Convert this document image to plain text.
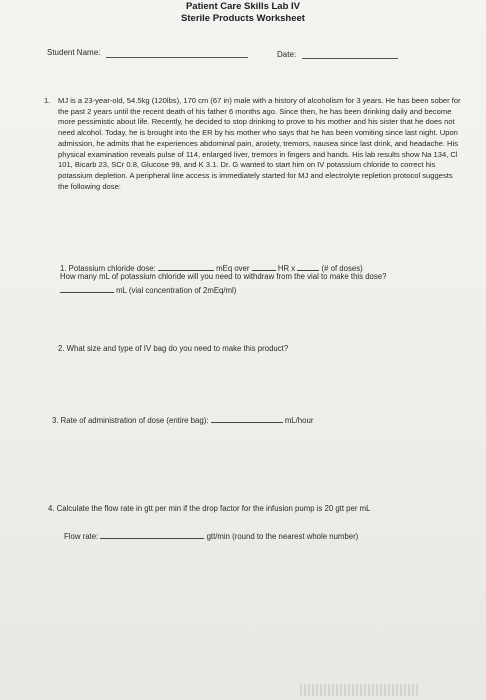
Patient Care Skills Lab IV
Sterile Products Worksheet
Student Name:	Date:
1. MJ is a 23-year-old, 54.5kg (120lbs), 170 cm (67 in) male with a history of alcoholism for 3 years. He has been sober for the past 2 years until the recent death of his father 6 months ago. Since then, he has been drinking daily and become more pessimistic about life. Recently, he decided to stop drinking to prove to his mother and his sister that he does not need alcohol. Today, he is brought into the ER by his mother who says that he has been vomiting since last night. Upon admission, he admits that he experiences abdominal pain, anxiety, tremors, nausea since last drink, and headache. His physical examination reveals pulse of 114, enlarged liver, tremors in fingers and hands. His lab results show Na 134, Cl 101, Bicarb 23, SCr 0.8, Glucose 99, and K 3.1. Dr. G wanted to start him on IV potassium chloride to correct his potassium depletion. A peripheral line access is immediately started for MJ and electrolyte repletion protocol suggests the following dose:
1. Potassium chloride dose:	mEq over	HR x	(# of doses)
How many mL of potassium chloride will you need to withdraw from the vial to make this dose?
mL (vial concentration of 2mEq/ml)
2. What size and type of IV bag do you need to make this product?
3. Rate of administration of dose (entire bag):	mL/hour
4. Calculate the flow rate in gtt per min if the drop factor for the infusion pump is 20 gtt per mL
Flow rate:	gtt/min (round to the nearest whole number)
